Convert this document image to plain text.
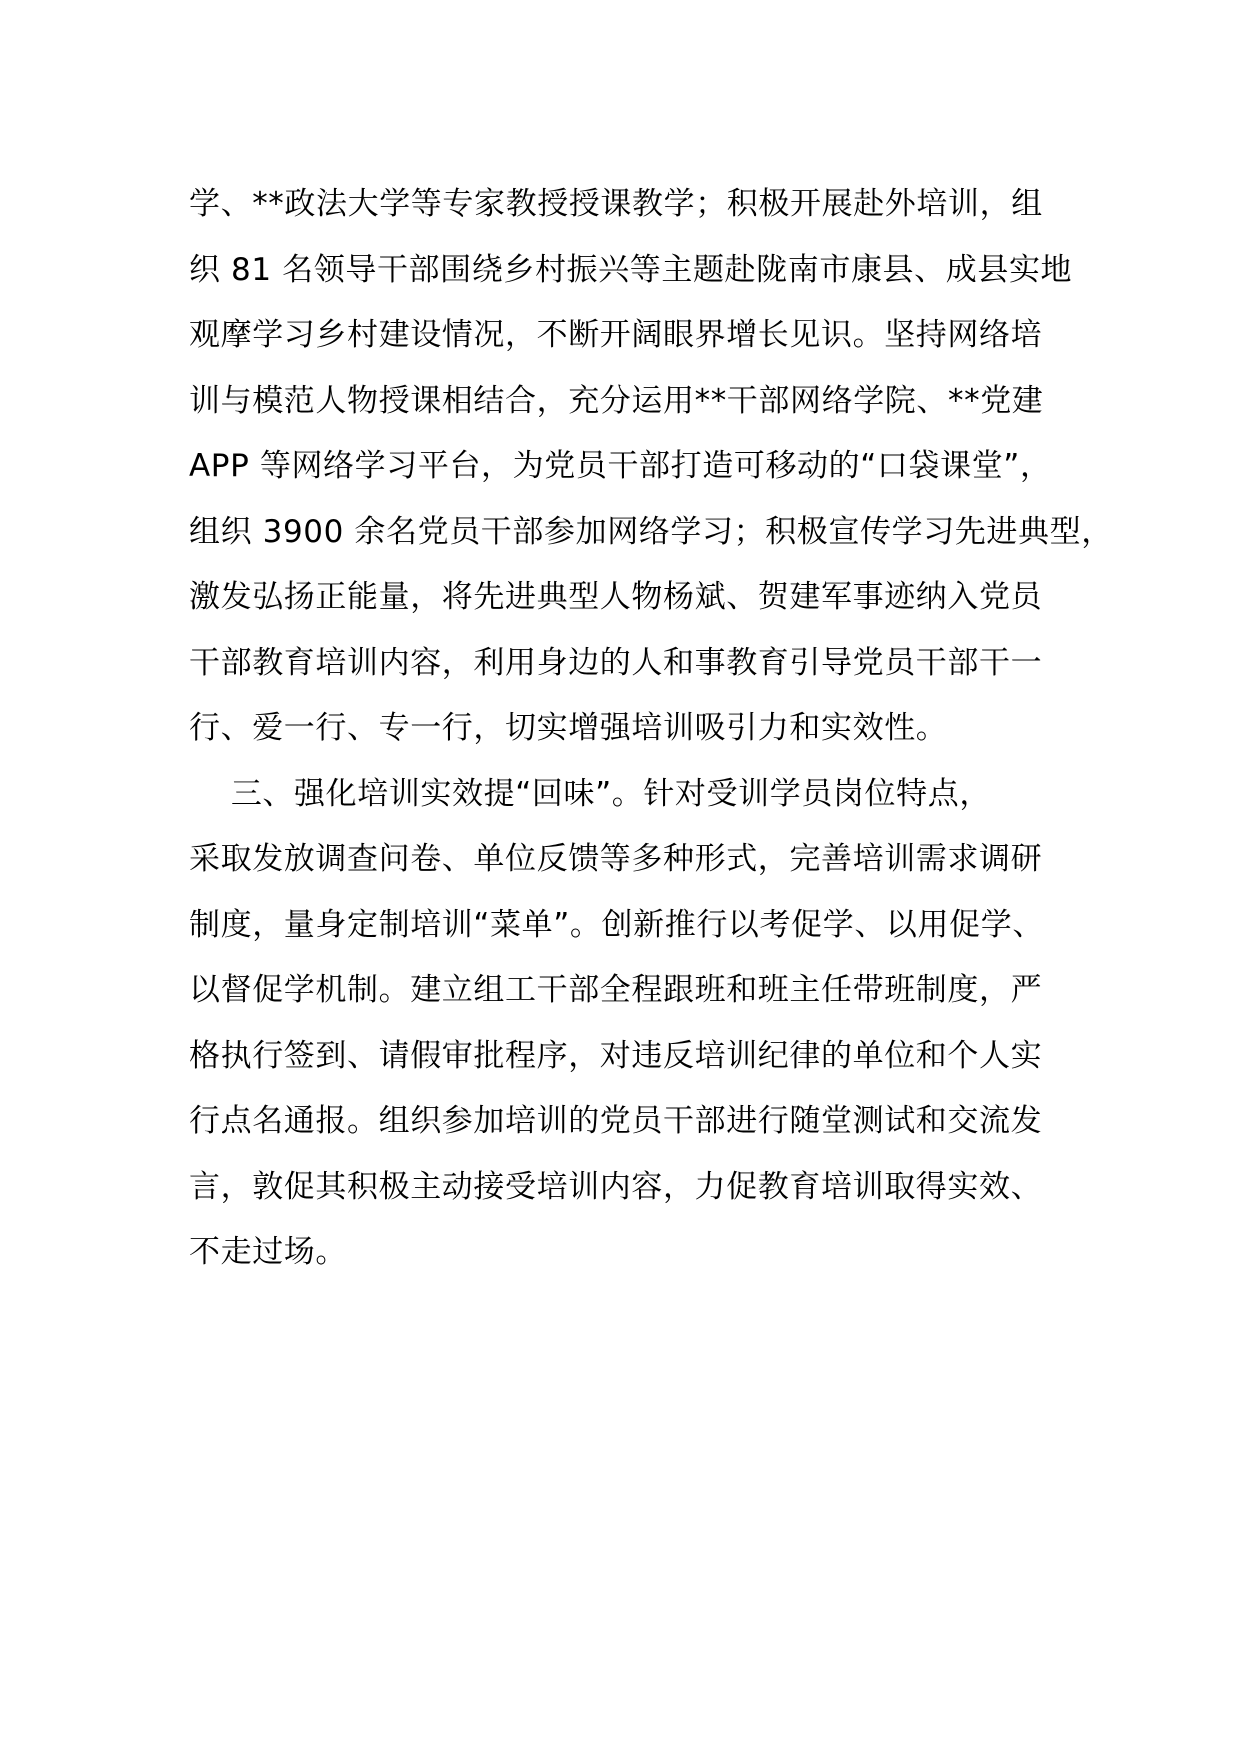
学、**政法大学等专家教授授课教学；积极开展赴外培训，组
织 81 名领导干部围绕乡村振兴等主题赴陇南市康县、成县实地
观摩学习乡村建设情况，不断开阔眼界增长见识。坚持网络培
训与模范人物授课相结合，充分运用**干部网络学院、**党建
APP 等网络学习平台，为党员干部打造可移动的“口袋课堂”，
组织 3900 余名党员干部参加网络学习；积极宣传学习先进典型，
激发弘扬正能量，将先进典型人物杨斌、贺建军事迹纳入党员
干部教育培训内容，利用身边的人和事教育引导党员干部干一
行、爱一行、专一行，切实增强培训吸引力和实效性。
三、强化培训实效提“回味”。针对受训学员岗位特点，
采取发放调查问卷、单位反馈等多种形式，完善培训需求调研
制度，量身定制培训“菜单”。创新推行以考促学、以用促学、
以督促学机制。建立组工干部全程跟班和班主任带班制度，严
格执行签到、请假审批程序，对违反培训纪律的单位和个人实
行点名通报。组织参加培训的党员干部进行随堂测试和交流发
言，敦促其积极主动接受培训内容，力促教育培训取得实效、
不走过场。
